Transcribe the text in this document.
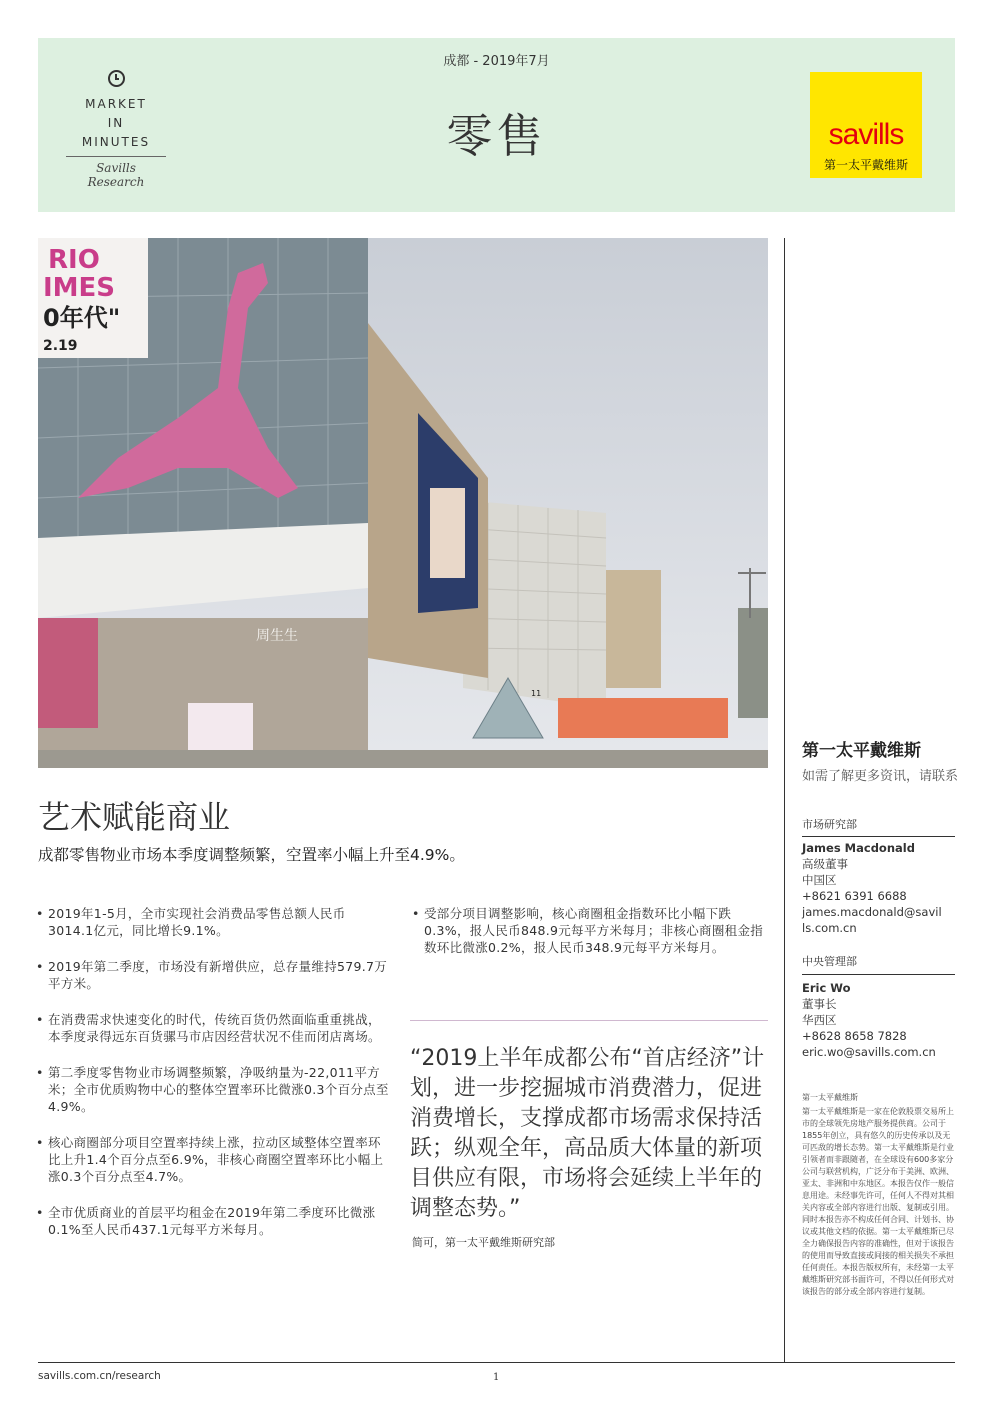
MARKET
IN
MINUTES
Savills Research
成都 - 2019年7月
零售	savills
第一太平戴维斯
RIO
IMES
0年代"
2.19
周生生
11
艺术赋能商业
成都零售物业市场本季度调整频繁，空置率小幅上升至4.9%。
• 2019年1-5月，全市实现社会消费品零售总额人民币3014.1亿元，同比增长9.1%。
• 2019年第二季度，市场没有新增供应，总存量维持579.7万平方米。
• 在消费需求快速变化的时代，传统百货仍然面临重重挑战，本季度录得远东百货骡马市店因经营状况不佳而闭店离场。
• 第二季度零售物业市场调整频繁，净吸纳量为-22,011平方米；全市优质购物中心的整体空置率环比微涨0.3个百分点至4.9%。
• 核心商圈部分项目空置率持续上涨，拉动区域整体空置率环比上升1.4个百分点至6.9%，非核心商圈空置率环比小幅上涨0.3个百分点至4.7%。
• 全市优质商业的首层平均租金在2019年第二季度环比微涨0.1%至人民币437.1元每平方米每月。
• 受部分项目调整影响，核心商圈租金指数环比小幅下跌0.3%，报人民币848.9元每平方米每月；非核心商圈租金指数环比微涨0.2%，报人民币348.9元每平方米每月。
“2019上半年成都公布“首店经济”计划，进一步挖掘城市消费潜力，促进消费增长，支撑成都市场需求保持活跃；纵观全年，高品质大体量的新项目供应有限，市场将会延续上半年的调整态势。”
简可，第一太平戴维斯研究部
第一太平戴维斯
如需了解更多资讯，请联系
市场研究部
James Macdonald
高级董事
中国区
+8621 6391 6688
james.macdonald@savills.com.cn
中央管理部
Eric Wo
董事长
华西区
+8628 8658 7828
eric.wo@savills.com.cn
第一太平戴维斯
第一太平戴维斯是一家在伦敦股票交易所上市的全球领先房地产服务提供商。公司于1855年创立，具有悠久的历史传承以及无可匹敌的增长态势。第一太平戴维斯是行业引领者而非跟随者，在全球设有600多家分公司与联营机构，广泛分布于美洲、欧洲、亚太、非洲和中东地区。本报告仅作一般信息用途。未经事先许可，任何人不得对其相关内容或全部内容进行出版、复制或引用。同时本报告亦不构成任何合同、计划书、协议或其他文档的依据。第一太平戴维斯已尽全力确保报告内容的准确性，但对于该报告的使用而导致直接或间接的相关损失不承担任何责任。本报告版权所有，未经第一太平戴维斯研究部书面许可，不得以任何形式对该报告的部分或全部内容进行复制。
savills.com.cn/research	1
